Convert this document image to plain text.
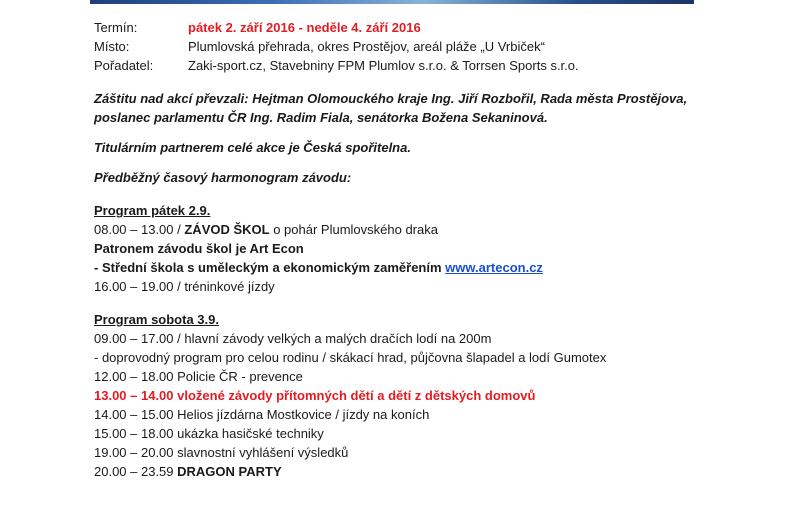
Termín:	pátek 2. září 2016 - neděle 4. září 2016
Místo:	Plumlovská přehrada, okres Prostějov, areál pláže „U Vrbiček“
Pořadatel:	Zaki-sport.cz, Stavebniny FPM Plumlov s.r.o. & Torrsen Sports s.r.o.
Záštitu nad akcí převzali: Hejtman Olomouckého kraje Ing. Jiří Rozbořil, Rada města Prostějova,
poslanec parlamentu ČR Ing. Radim Fiala, senátorka Božena Sekaninová.
Titulárním partnerem celé akce je Česká spořitelna.
Předběžný časový harmonogram závodu:
Program pátek 2.9.
08.00 – 13.00 / ZÁVOD ŠKOL o pohár Plumlovského draka
Patronem závodu škol je Art Econ
- Střední škola s uměleckým a ekonomickým zaměřením www.artecon.cz
16.00 – 19.00 / tréninkové jízdy
Program sobota 3.9.
09.00 – 17.00 / hlavní závody velkých a malých dračích lodí na 200m
- doprovodný program pro celou rodinu / skákací hrad, půjčovna šlapadel a lodí Gumotex
12.00 – 18.00 Policie ČR - prevence
13.00 – 14.00 vložené závody přítomných dětí a dětí z dětských domovů
14.00 – 15.00 Helios jízdárna Mostkovice / jízdy na koních
15.00 – 18.00 ukázka hasičské techniky
19.00 – 20.00 slavnostní vyhlášení výsledků
20.00 – 23.59 DRAGON PARTY
